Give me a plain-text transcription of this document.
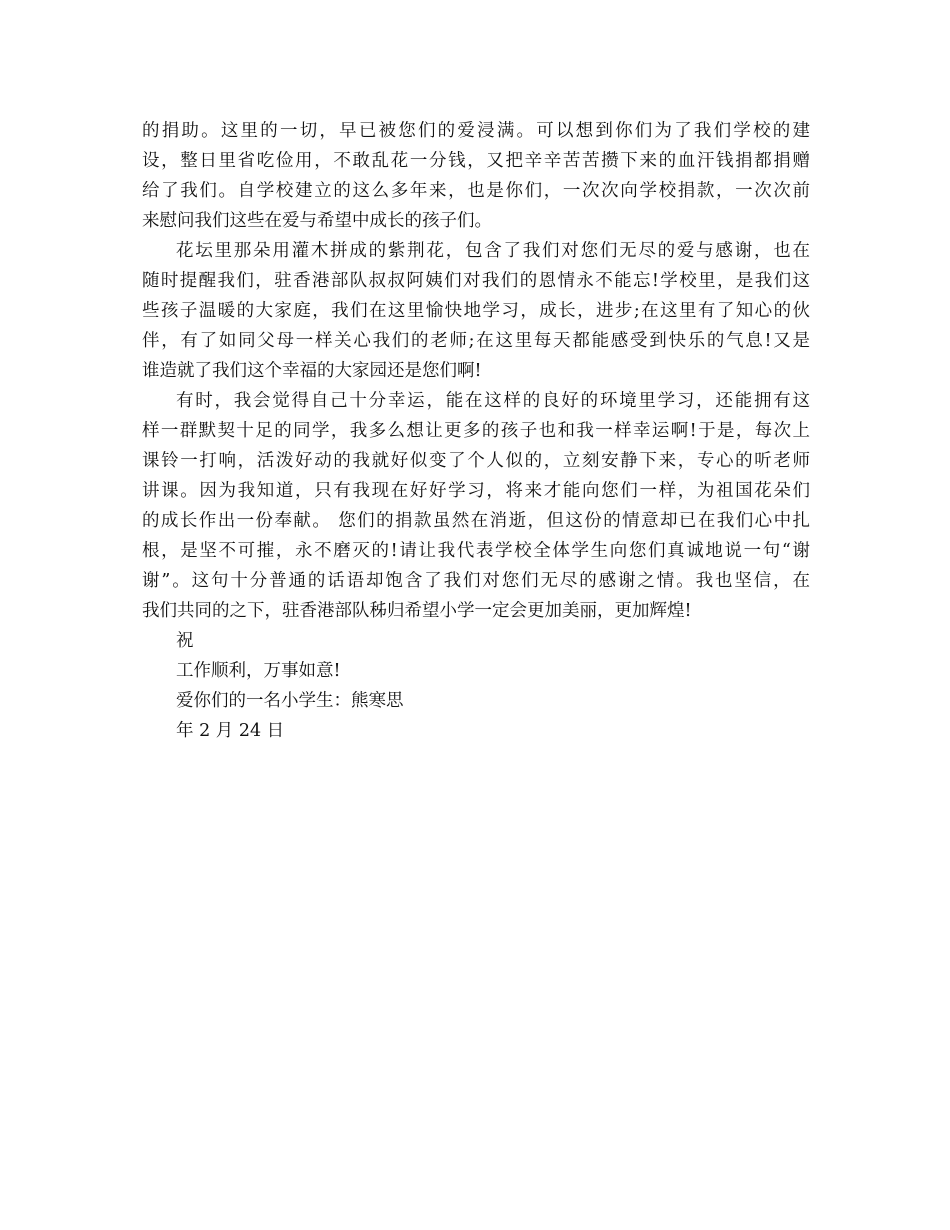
的捐助。这里的一切，早已被您们的爱浸满。可以想到你们为了我们学校的建

设，整日里省吃俭用，不敢乱花一分钱，又把辛辛苦苦攒下来的血汗钱捐都捐赠

给了我们。自学校建立的这么多年来，也是你们，一次次向学校捐款，一次次前

来慰问我们这些在爱与希望中成长的孩子们。

花坛里那朵用灌木拼成的紫荆花，包含了我们对您们无尽的爱与感谢，也在

随时提醒我们，驻香港部队叔叔阿姨们对我们的恩情永不能忘!学校里，是我们这

些孩子温暖的大家庭，我们在这里愉快地学习，成长，进步;在这里有了知心的伙

伴，有了如同父母一样关心我们的老师;在这里每天都能感受到快乐的气息!又是

谁造就了我们这个幸福的大家园还是您们啊!

有时，我会觉得自己十分幸运，能在这样的良好的环境里学习，还能拥有这

样一群默契十足的同学，我多么想让更多的孩子也和我一样幸运啊!于是，每次上

课铃一打响，活泼好动的我就好似变了个人似的，立刻安静下来，专心的听老师

讲课。因为我知道，只有我现在好好学习，将来才能向您们一样，为祖国花朵们

的成长作出一份奉献。 您们的捐款虽然在消逝，但这份的情意却已在我们心中扎

根，是坚不可摧，永不磨灭的!请让我代表学校全体学生向您们真诚地说一句“谢

谢”。这句十分普通的话语却饱含了我们对您们无尽的感谢之情。我也坚信，在

我们共同的之下，驻香港部队秭归希望小学一定会更加美丽，更加辉煌!

祝

工作顺利，万事如意!

爱你们的一名小学生：熊寒思

年 2 月 24 日
